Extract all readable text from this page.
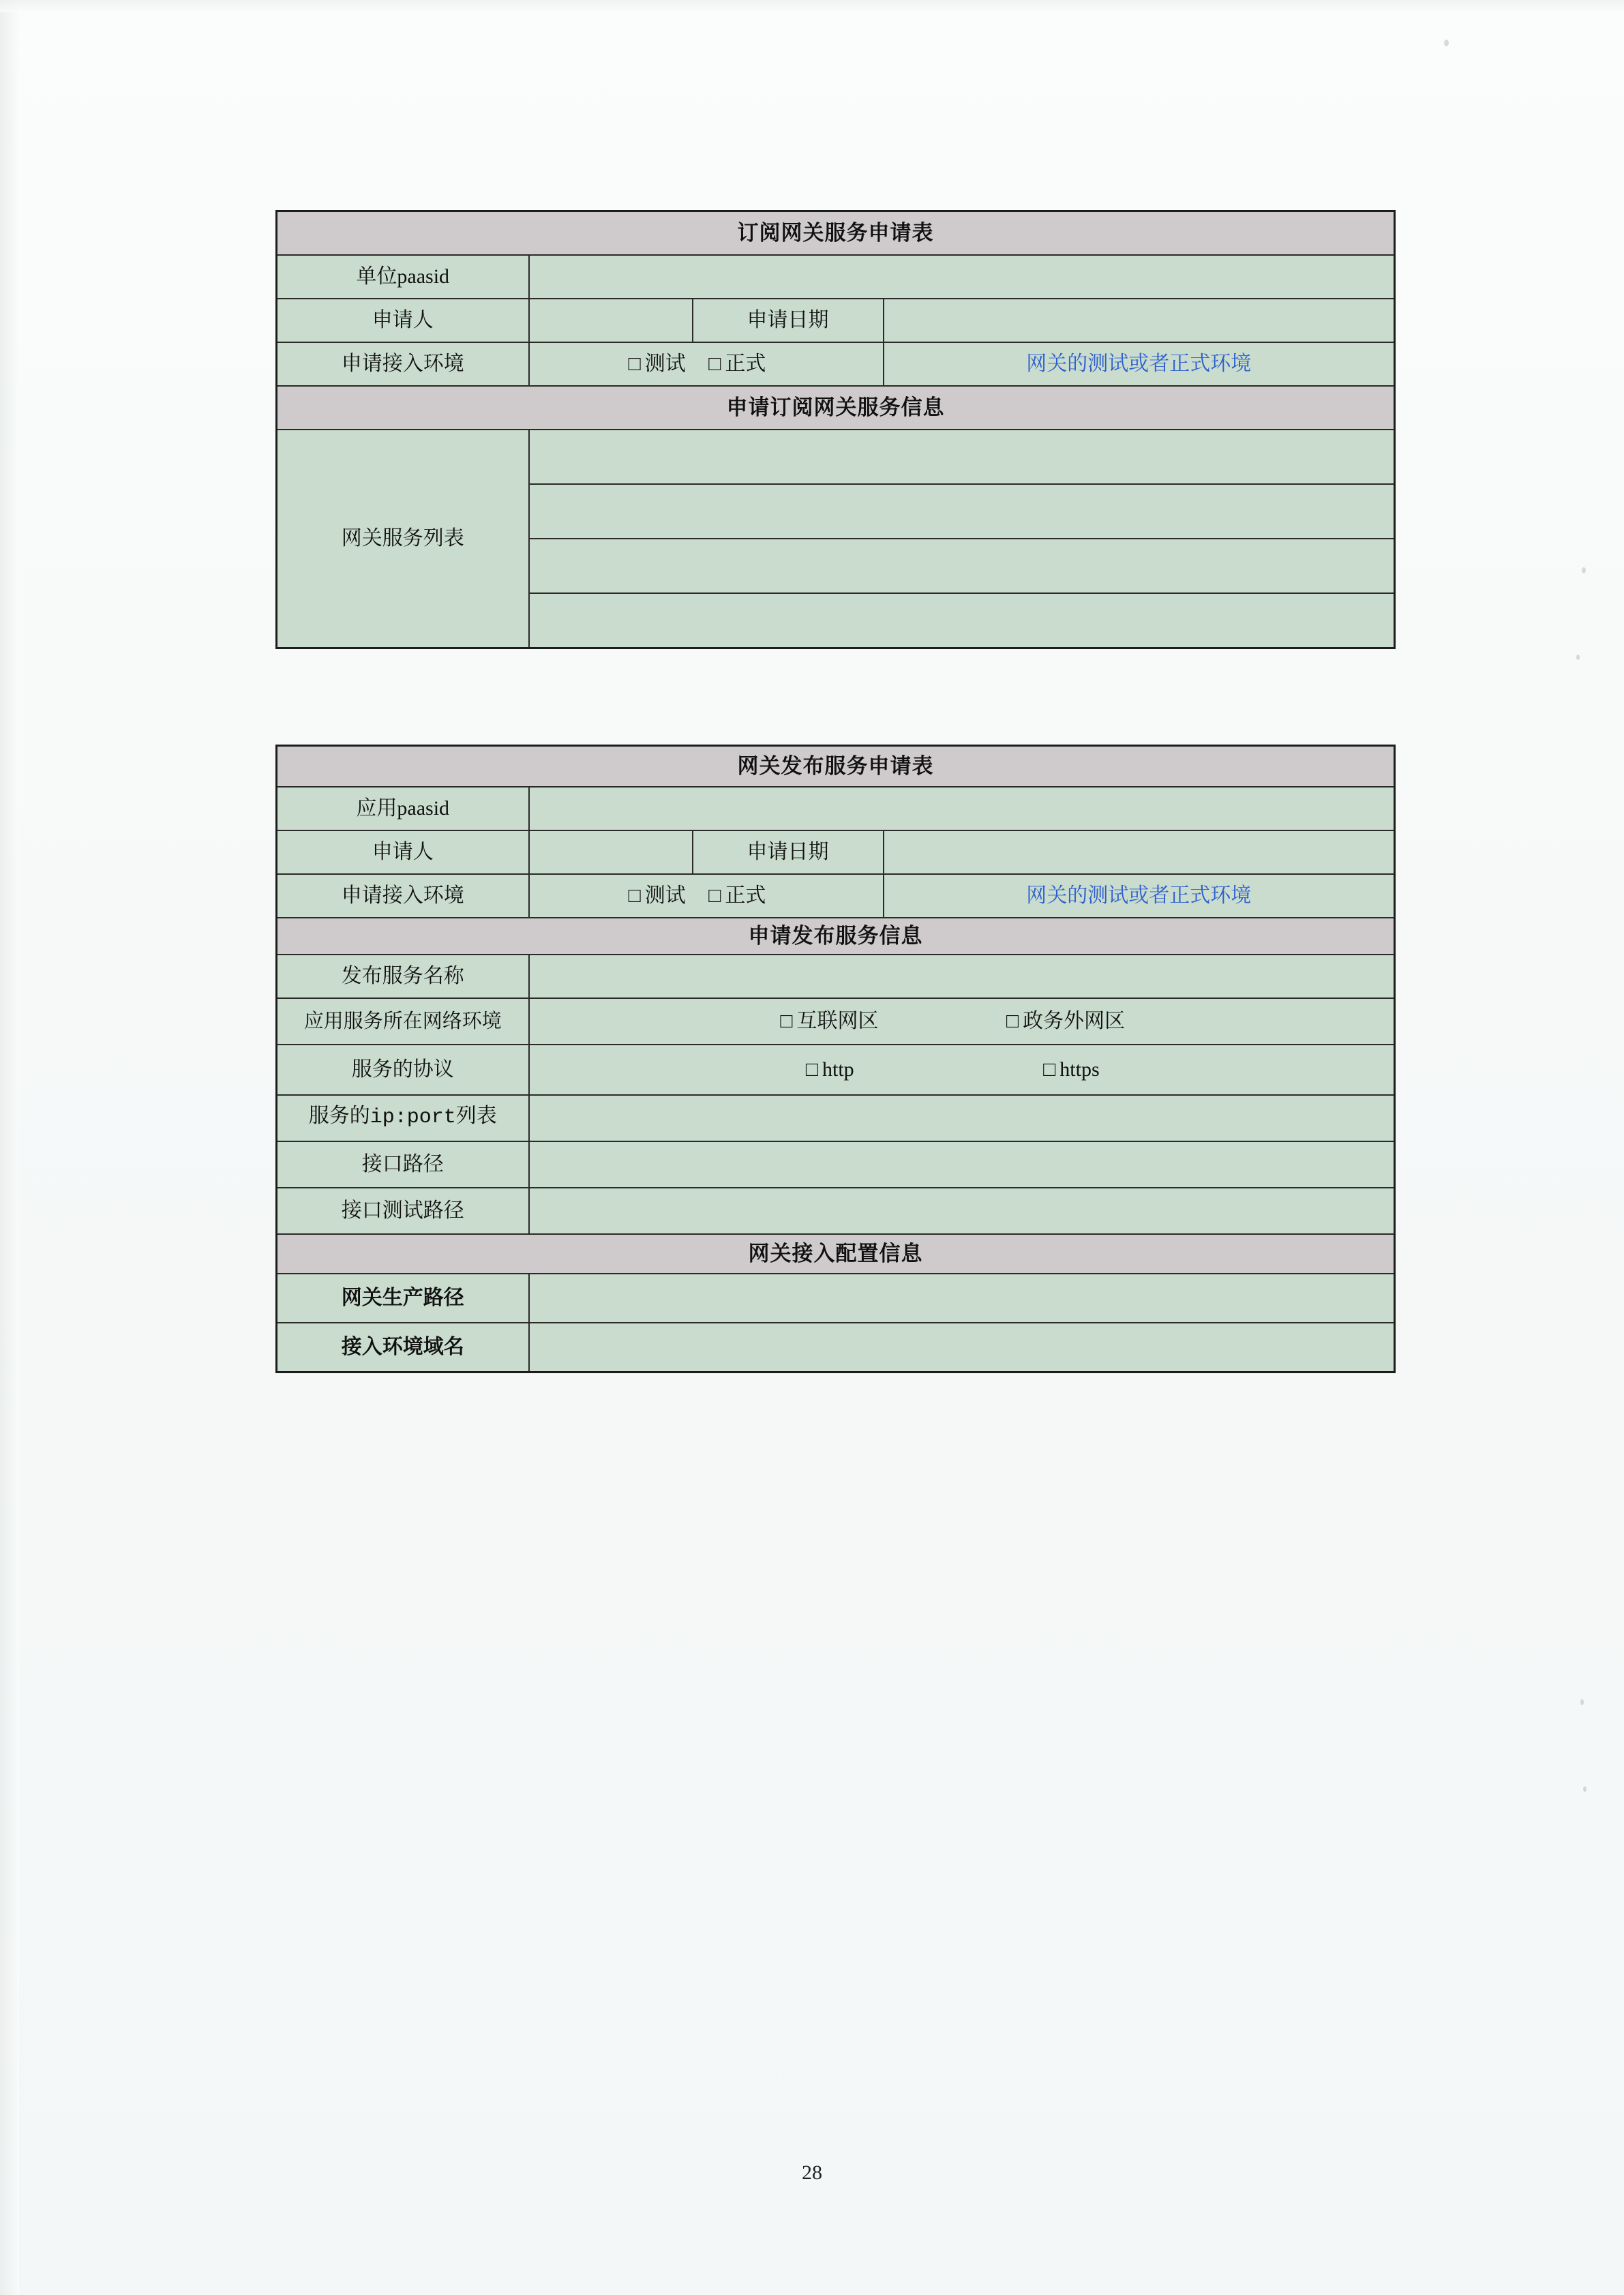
订阅网关服务申请表			
单位paasid			
申请人		申请日期	
申请接入环境	□ 测试 □ 正式		网关的测试或者正式环境
申请订阅网关服务信息			
网关服务列表			

网关发布服务申请表			
应用paasid			
申请人		申请日期	
申请接入环境	□ 测试 □ 正式		网关的测试或者正式环境
申请发布服务信息			
发布服务名称			
应用服务所在网络环境	□ 互联网区 □ 政务外网区		
服务的协议	□ http □ https		
服务的ip:port列表			
接口路径			
接口测试路径			
网关接入配置信息			
网关生产路径			
接入环境域名			
28
